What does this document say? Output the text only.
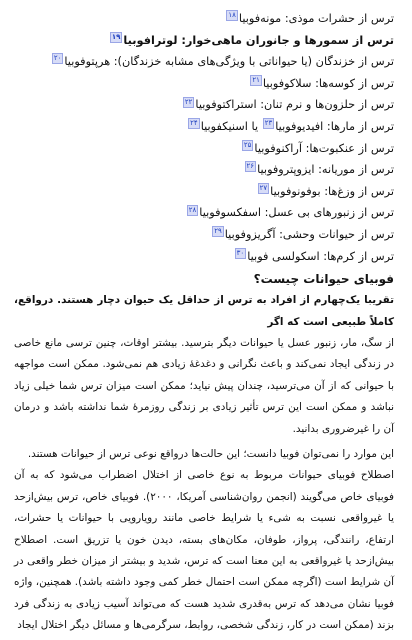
ترس از حشرات موذی: مونه‌فوبیا۱۸
ترس از سمورها و جانوران ماهی‌خوار: لوترافوبیا۱۹
ترس از خزندگان (یا حیواناتی با ویژگی‌های مشابه خزندگان): هرپتوفوبیا۲۰
ترس از کوسه‌ها: سلاکوفوبیا۲۱
ترس از حلزون‌ها و نرم تنان: استراکتوفوبیا۲۲
ترس از مارها: افیدیوفوبیا۲۳ یا اسنیکفوبیا۲۴
ترس از عنکبوت‌ها: آراکنوفوبیا۲۵
ترس از موریانه: ایزوپتروفوبیا۲۶
ترس از وزغ‌ها: بوفونوفوبیا۲۷
ترس از زنبورهای بی عسل: اسفکسوفوبیا۲۸
ترس از حیوانات وحشی: آگریزوفوبیا۲۹
ترس از کرم‌ها: اسکولسی فوبیا۳۰
فوبیای حیوانات چیست؟

تقریبا یک‌چهارم از افراد به ترس از حداقل یک حیوان دچار هستند. درواقع، کاملاً طبیعی است که اگر

از سگ، مار، زنبور عسل یا حیوانات دیگر بترسید. بیشتر اوقات، چنین ترسی مانع خاصی در زندگی ایجاد نمی‌کند و باعث نگرانی و دغدغهٔ زیادی هم نمی‌شود. ممکن است مواجهه با حیوانی که از آن می‌ترسید، چندان پیش نیاید؛ ممکن است میزان ترس شما خیلی زیاد نباشد و ممکن است این ترس تأثیر زیادی بر زندگی روزمرهٔ شما نداشته باشد و درمان آن را غیرضروری بدانید.

این موارد را نمی‌توان فوبیا دانست؛ این حالت‌ها درواقع نوعی ترس از حیوانات هستند.

اصطلاح فوبیای حیوانات مربوط به نوع خاصی از اختلال اضطراب می‌شود که به آن فوبیای خاص می‌گویند (انجمن روان‌شناسی آمریکا، ۲۰۰۰). فوبیای خاص، ترس بیش‌ازحد یا غیرواقعی نسبت به شیء یا شرایط خاصی مانند رویارویی با حیوانات یا حشرات، ارتفاع، رانندگی، پرواز، طوفان، مکان‌های بسته، دیدن خون یا تزریق است. اصطلاح بیش‌ازحد یا غیرواقعی به این معنا است که ترس، شدید و بیشتر از میزان خطر واقعی در آن شرایط است (اگرچه ممکن است احتمال خطر کمی وجود داشته باشد). همچنین، واژه فوبیا نشان می‌دهد که ترس به‌قدری شدید هست که می‌تواند آسیب زیادی به زندگی فرد بزند (ممکن است در کار، زندگی شخصی، روابط، سرگرمی‌ها و مسائل دیگر اختلال ایجاد
